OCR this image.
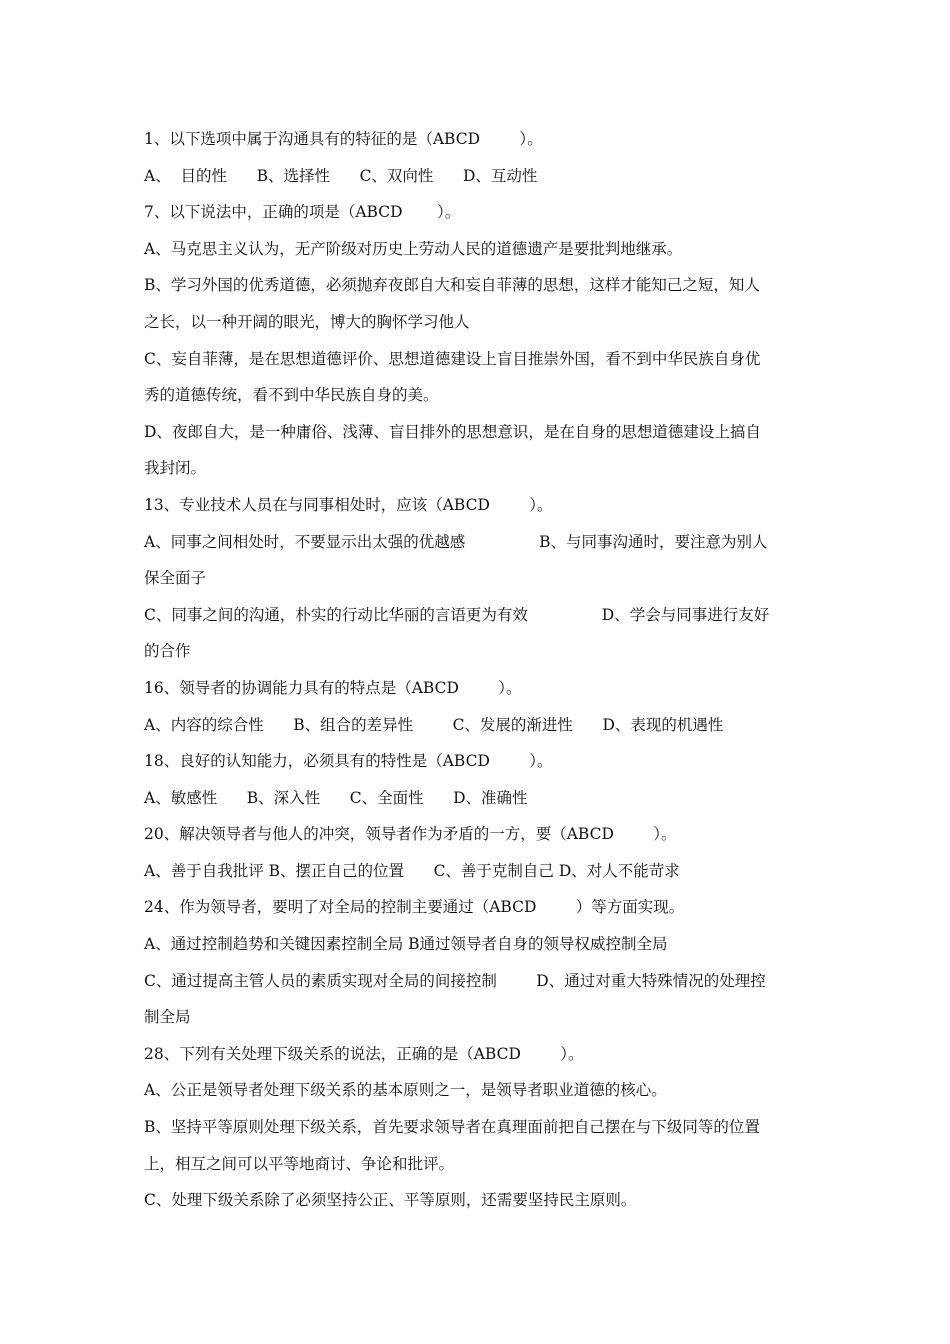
1、以下选项中属于沟通具有的特征的是（ABCD        ）。
A、  目的性      B、选择性      C、双向性      D、互动性
7、以下说法中，正确的项是（ABCD       ）。
A、马克思主义认为，无产阶级对历史上劳动人民的道德遗产是要批判地继承。
B、学习外国的优秀道德，必须抛弃夜郎自大和妄自菲薄的思想，这样才能知己之短，知人
之长，以一种开阔的眼光，博大的胸怀学习他人
C、妄自菲薄，是在思想道德评价、思想道德建设上盲目推崇外国，看不到中华民族自身优
秀的道德传统，看不到中华民族自身的美。
D、夜郎自大，是一种庸俗、浅薄、盲目排外的思想意识，是在自身的思想道德建设上搞自
我封闭。
13、专业技术人员在与同事相处时，应该（ABCD        ）。
A、同事之间相处时，不要显示出太强的优越感               B、与同事沟通时，要注意为别人
保全面子
C、同事之间的沟通，朴实的行动比华丽的言语更为有效               D、学会与同事进行友好
的合作
16、领导者的协调能力具有的特点是（ABCD        ）。
A、内容的综合性      B、组合的差异性        C、发展的渐进性      D、表现的机遇性
18、良好的认知能力，必须具有的特性是（ABCD        ）。
A、敏感性      B、深入性      C、全面性      D、准确性
20、解决领导者与他人的冲突，领导者作为矛盾的一方，要（ABCD        ）。
A、善于自我批评 B、摆正自己的位置      C、善于克制自己 D、对人不能苛求
24、作为领导者，要明了对全局的控制主要通过（ABCD        ）等方面实现。
A、通过控制趋势和关键因素控制全局 B通过领导者自身的领导权威控制全局
C、通过提高主管人员的素质实现对全局的间接控制        D、通过对重大特殊情况的处理控
制全局
28、下列有关处理下级关系的说法，正确的是（ABCD        ）。
A、公正是领导者处理下级关系的基本原则之一，是领导者职业道德的核心。
B、坚持平等原则处理下级关系，首先要求领导者在真理面前把自己摆在与下级同等的位置
上，相互之间可以平等地商讨、争论和批评。
C、处理下级关系除了必须坚持公正、平等原则，还需要坚持民主原则。
